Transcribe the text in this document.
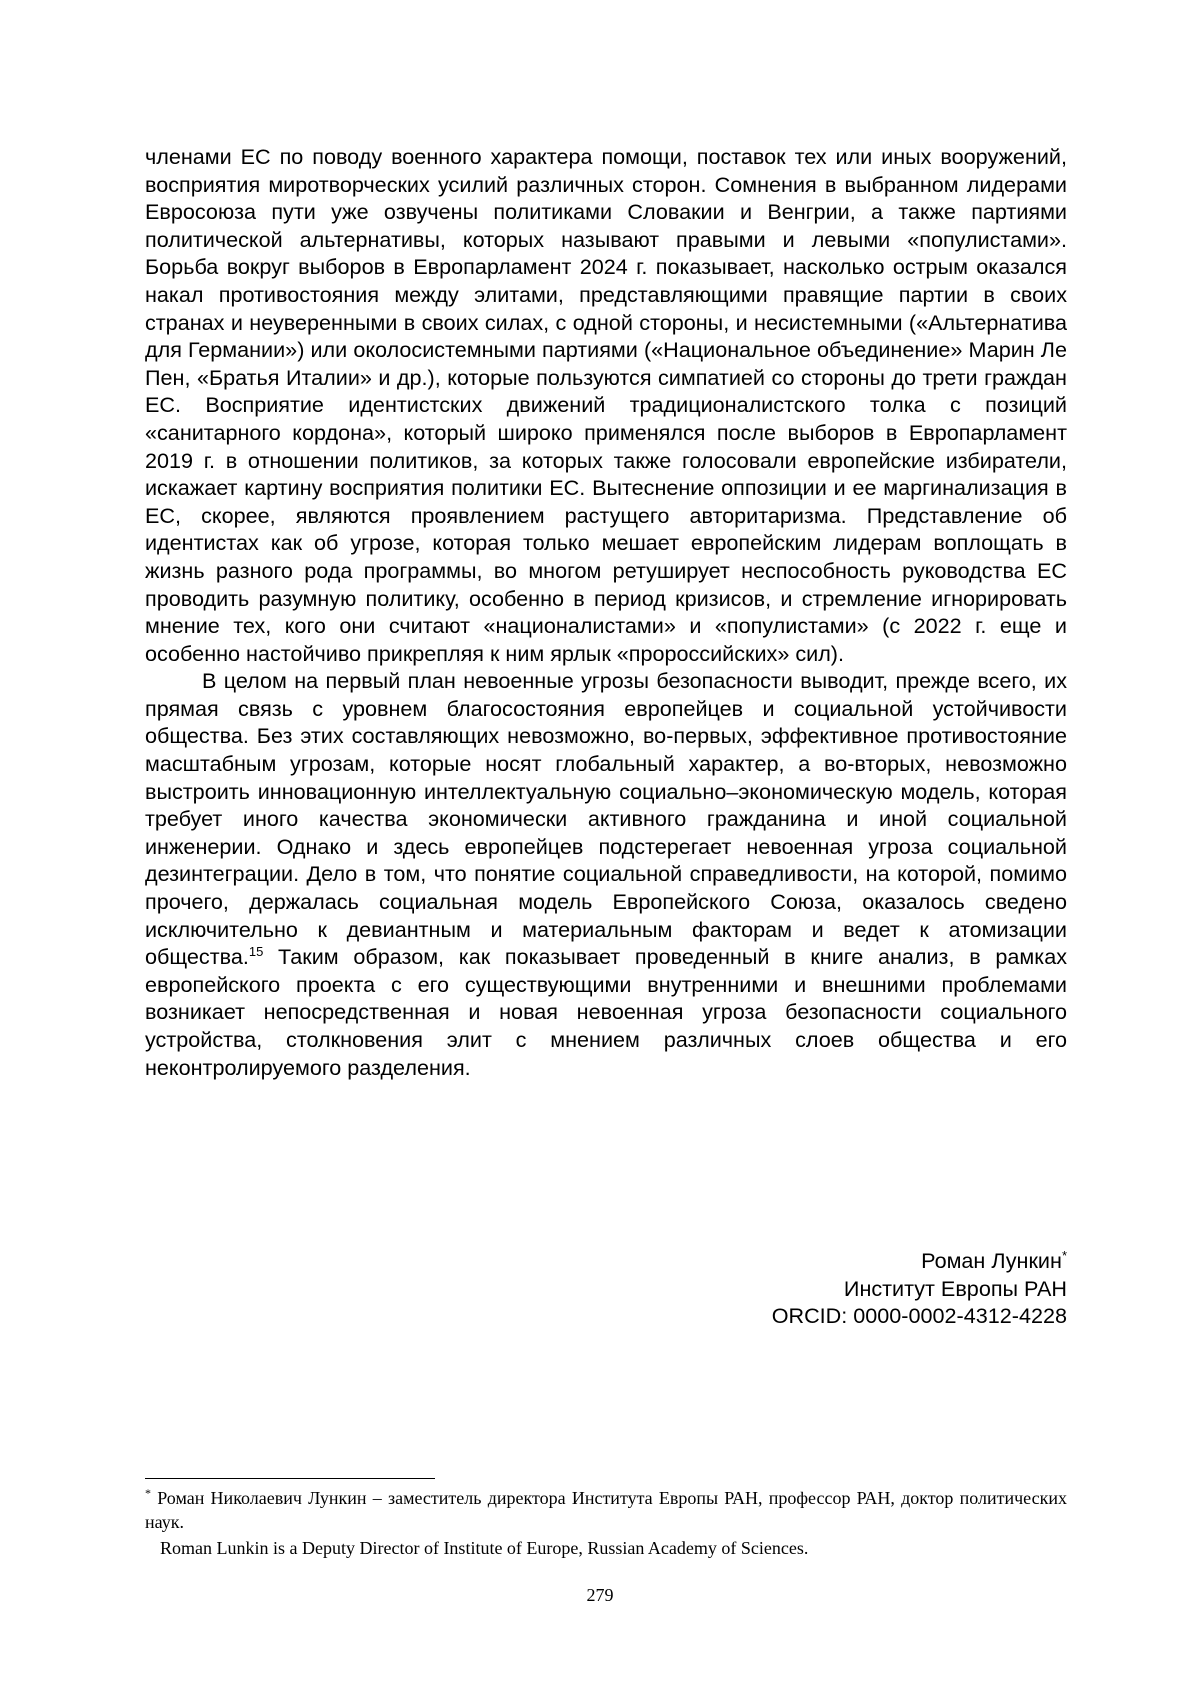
членами ЕС по поводу военного характера помощи, поставок тех или иных вооружений, восприятия миротворческих усилий различных сторон. Сомнения в выбранном лидерами Евросоюза пути уже озвучены политиками Словакии и Венгрии, а также партиями политической альтернативы, которых называют правыми и левыми «популистами». Борьба вокруг выборов в Европарламент 2024 г. показывает, насколько острым оказался накал противостояния между элитами, представляющими правящие партии в своих странах и неуверенными в своих силах, с одной стороны, и несистемными («Альтернатива для Германии») или околосистемными партиями («Национальное объединение» Марин Ле Пен, «Братья Италии» и др.), которые пользуются симпатией со стороны до трети граждан ЕС. Восприятие идентистских движений традиционалистского толка с позиций «санитарного кордона», который широко применялся после выборов в Европарламент 2019 г. в отношении политиков, за которых также голосовали европейские избиратели, искажает картину восприятия политики ЕС. Вытеснение оппозиции и ее маргинализация в ЕС, скорее, являются проявлением растущего авторитаризма. Представление об идентистах как об угрозе, которая только мешает европейским лидерам воплощать в жизнь разного рода программы, во многом ретуширует неспособность руководства ЕС проводить разумную политику, особенно в период кризисов, и стремление игнорировать мнение тех, кого они считают «националистами» и «популистами» (с 2022 г. еще и особенно настойчиво прикрепляя к ним ярлык «пророссийских» сил).

В целом на первый план невоенные угрозы безопасности выводит, прежде всего, их прямая связь с уровнем благосостояния европейцев и социальной устойчивости общества. Без этих составляющих невозможно, во-первых, эффективное противостояние масштабным угрозам, которые носят глобальный характер, а во-вторых, невозможно выстроить инновационную интеллектуальную социально–экономическую модель, которая требует иного качества экономически активного гражданина и иной социальной инженерии. Однако и здесь европейцев подстерегает невоенная угроза социальной дезинтеграции. Дело в том, что понятие социальной справедливости, на которой, помимо прочего, держалась социальная модель Европейского Союза, оказалось сведено исключительно к девиантным и материальным факторам и ведет к атомизации общества.$^{15}$ Таким образом, как показывает проведенный в книге анализ, в рамках европейского проекта с его существующими внутренними и внешними проблемами возникает непосредственная и новая невоенная угроза безопасности социального устройства, столкновения элит с мнением различных слоев общества и его неконтролируемого разделения.

Роман Лункин*
Институт Европы РАН
ORCID: 0000-0002-4312-4228

* Роман Николаевич Лункин – заместитель директора Института Европы РАН, профессор РАН, доктор политических наук.

Roman Lunkin is a Deputy Director of Institute of Europe, Russian Academy of Sciences.

279
